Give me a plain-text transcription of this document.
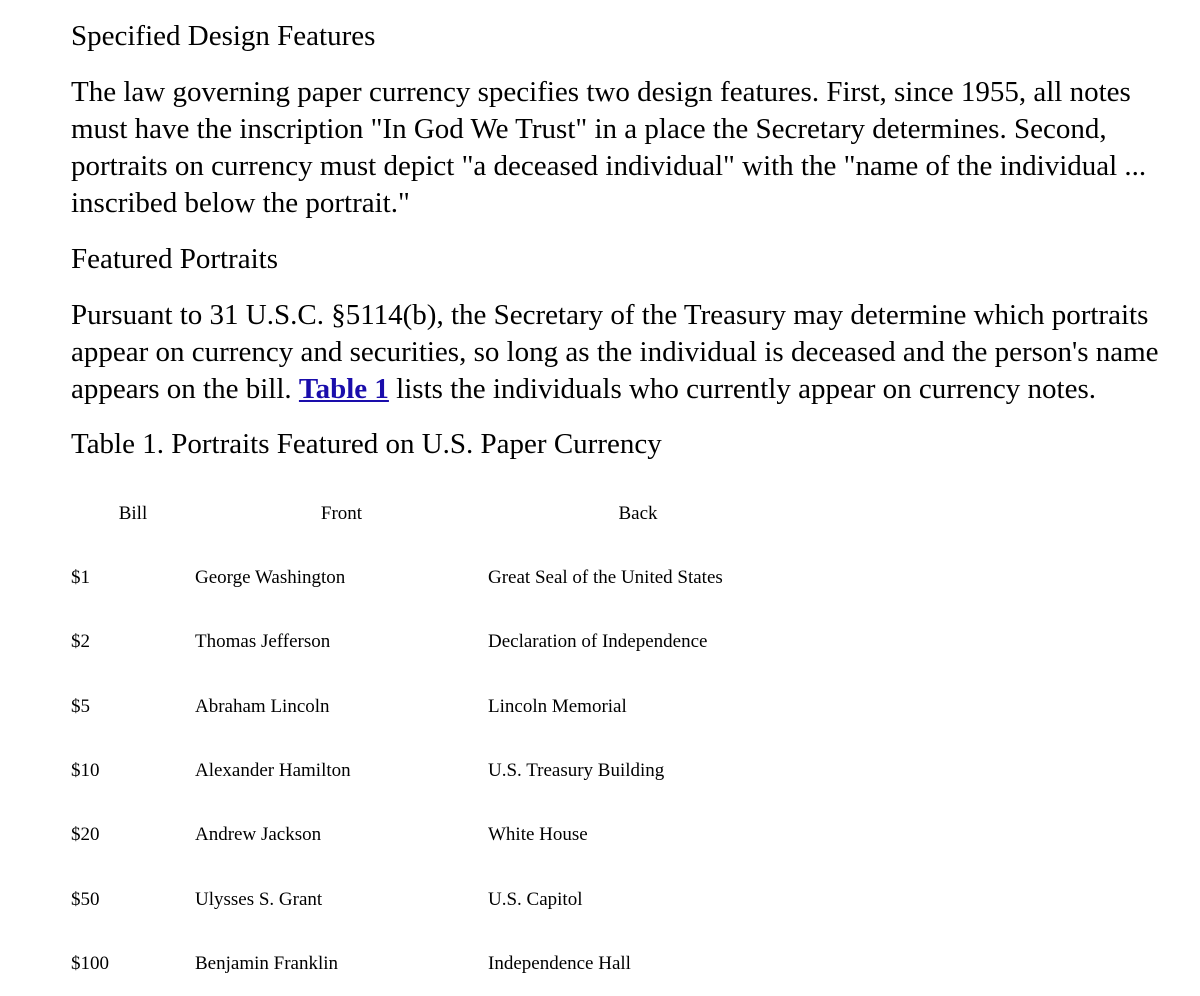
Specified Design Features

The law governing paper currency specifies two design features. First, since 1955, all notes
must have the inscription "In God We Trust" in a place the Secretary determines. Second,
portraits on currency must depict "a deceased individual" with the "name of the individual ...
inscribed below the portrait."

Featured Portraits

Pursuant to 31 U.S.C. §5114(b), the Secretary of the Treasury may determine which portraits
appear on currency and securities, so long as the individual is deceased and the person's name
appears on the bill. Table 1 lists the individuals who currently appear on currency notes.

Table 1. Portraits Featured on U.S. Paper Currency
Bill	Front	Back
$1	George Washington	Great Seal of the United States
$2	Thomas Jefferson	Declaration of Independence
$5	Abraham Lincoln	Lincoln Memorial
$10	Alexander Hamilton	U.S. Treasury Building
$20	Andrew Jackson	White House
$50	Ulysses S. Grant	U.S. Capitol
$100	Benjamin Franklin	Independence Hall
